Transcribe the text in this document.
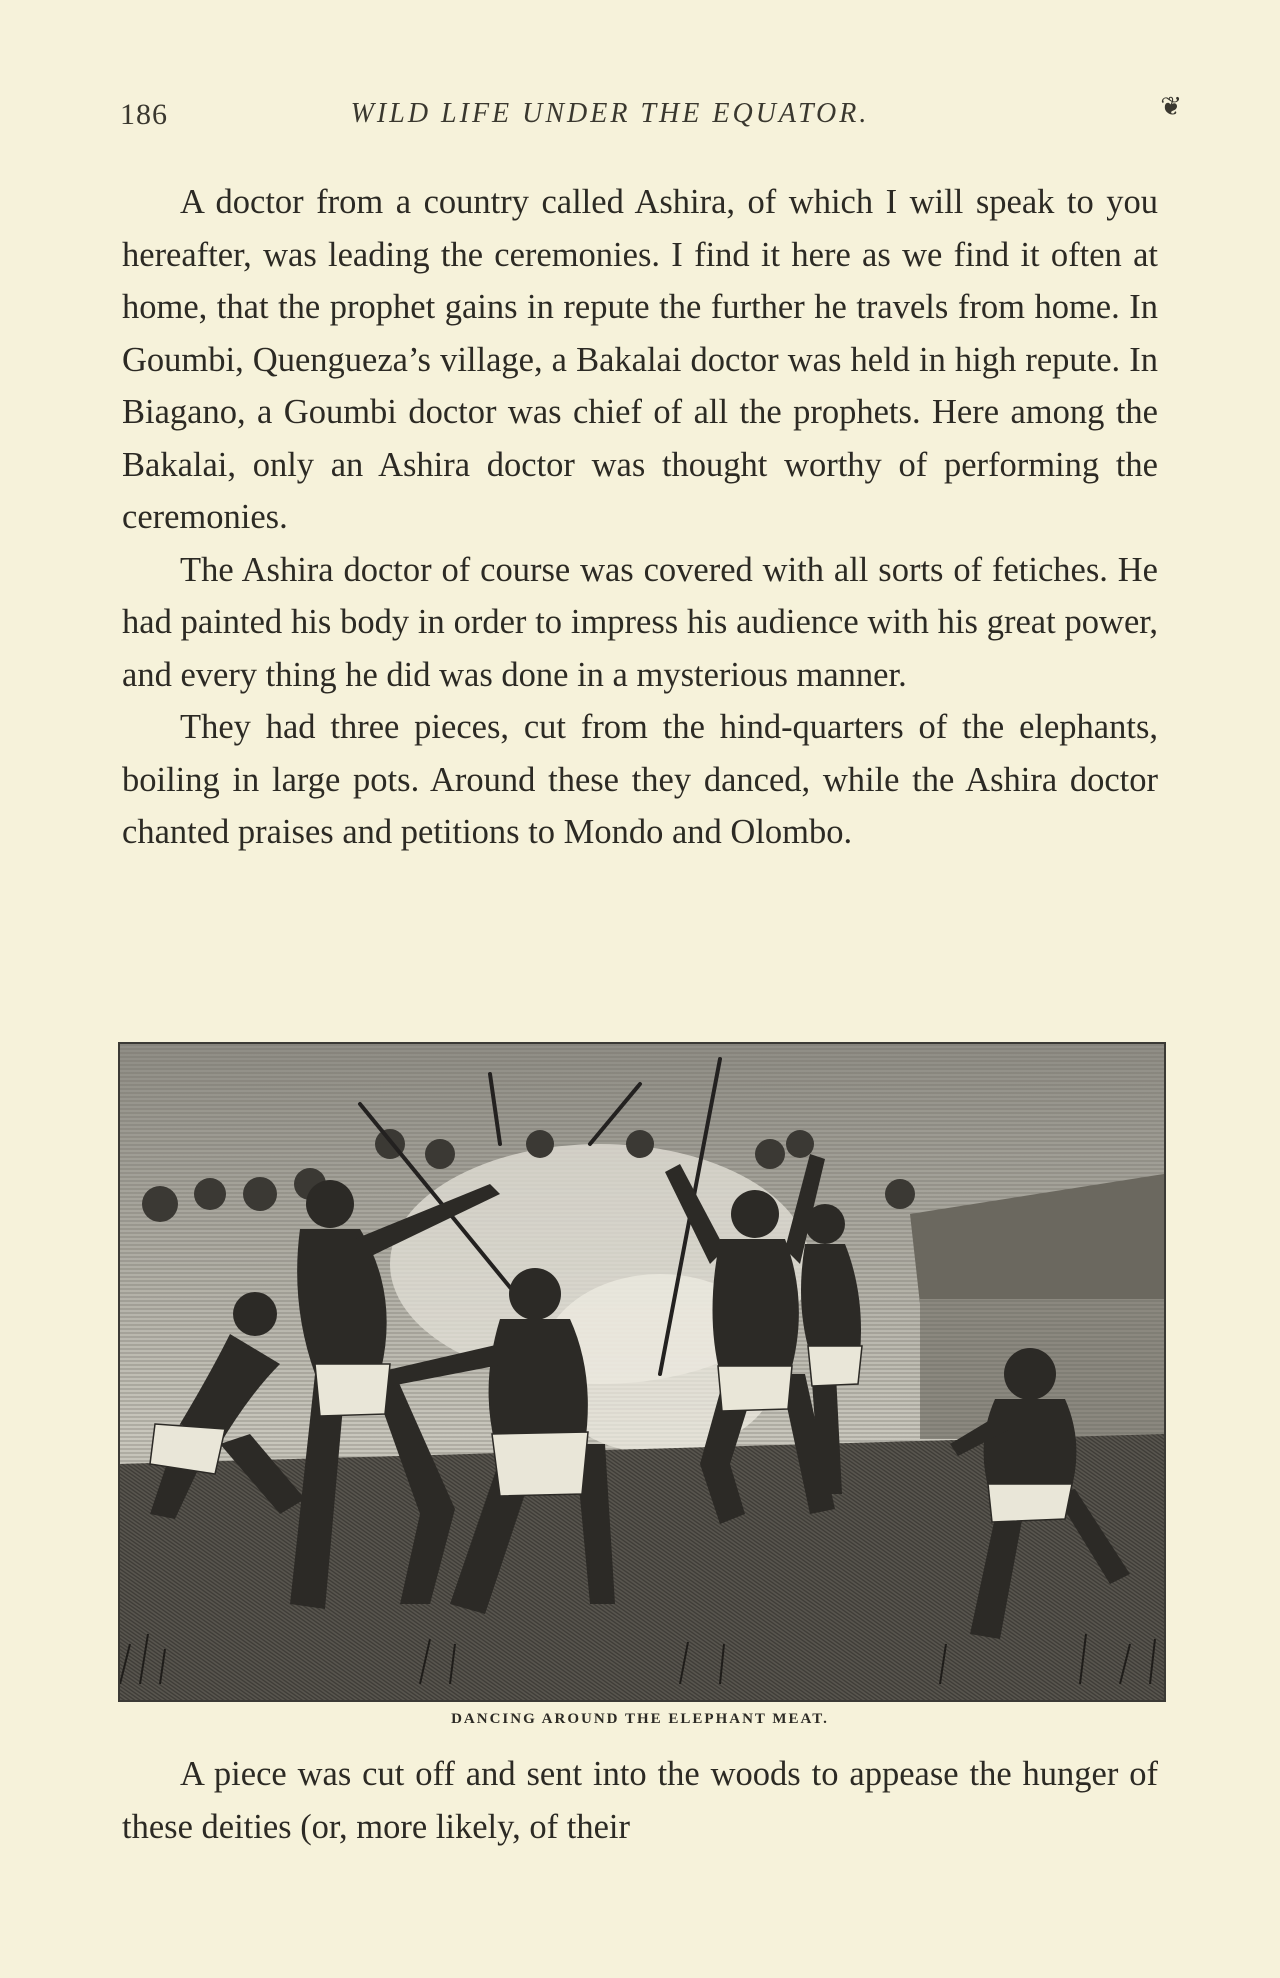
186	WILD LIFE UNDER THE EQUATOR.	❦

A doctor from a country called Ashira, of which I will speak to you hereafter, was leading the ceremonies. I find it here as we find it often at home, that the prophet gains in repute the further he travels from home. In Goumbi, Quengueza’s village, a Bakalai doctor was held in high repute. In Biagano, a Goumbi doctor was chief of all the prophets. Here among the Bakalai, only an Ashira doctor was thought worthy of performing the ceremonies.

The Ashira doctor of course was covered with all sorts of fetiches. He had painted his body in order to impress his audience with his great power, and every thing he did was done in a mysterious manner.

They had three pieces, cut from the hind-quarters of the elephants, boiling in large pots. Around these they danced, while the Ashira doctor chanted praises and petitions to Mondo and Olombo.

DANCING AROUND THE ELEPHANT MEAT.

A piece was cut off and sent into the woods to appease the hunger of these deities (or, more likely, of their
